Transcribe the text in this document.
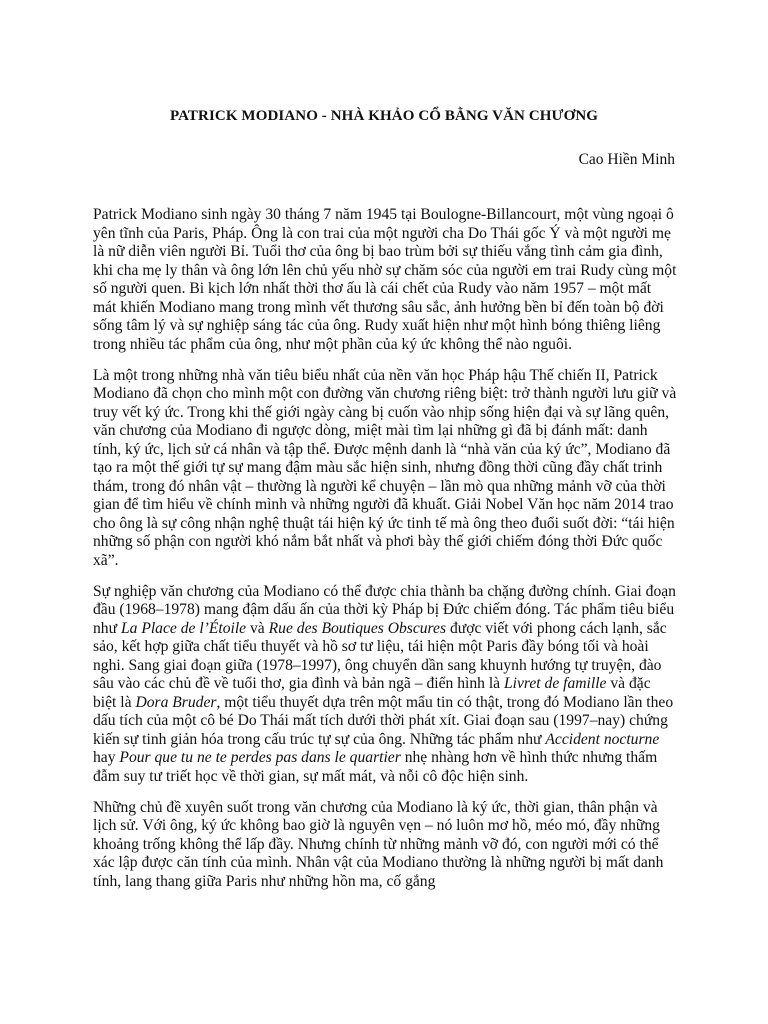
PATRICK MODIANO - NHÀ KHẢO CỔ BẰNG VĂN CHƯƠNG
Cao Hiền Minh

Patrick Modiano sinh ngày 30 tháng 7 năm 1945 tại Boulogne-Billancourt, một vùng ngoại ô yên tĩnh của Paris, Pháp. Ông là con trai của một người cha Do Thái gốc Ý và một người mẹ là nữ diễn viên người Bỉ. Tuổi thơ của ông bị bao trùm bởi sự thiếu vắng tình cảm gia đình, khi cha mẹ ly thân và ông lớn lên chủ yếu nhờ sự chăm sóc của người em trai Rudy cùng một số người quen. Bi kịch lớn nhất thời thơ ấu là cái chết của Rudy vào năm 1957 – một mất mát khiến Modiano mang trong mình vết thương sâu sắc, ảnh hưởng bền bỉ đến toàn bộ đời sống tâm lý và sự nghiệp sáng tác của ông. Rudy xuất hiện như một hình bóng thiêng liêng trong nhiều tác phẩm của ông, như một phần của ký ức không thể nào nguôi.

Là một trong những nhà văn tiêu biểu nhất của nền văn học Pháp hậu Thế chiến II, Patrick Modiano đã chọn cho mình một con đường văn chương riêng biệt: trở thành người lưu giữ và truy vết ký ức. Trong khi thế giới ngày càng bị cuốn vào nhịp sống hiện đại và sự lãng quên, văn chương của Modiano đi ngược dòng, miệt mài tìm lại những gì đã bị đánh mất: danh tính, ký ức, lịch sử cá nhân và tập thể. Được mệnh danh là “nhà văn của ký ức”, Modiano đã tạo ra một thế giới tự sự mang đậm màu sắc hiện sinh, nhưng đồng thời cũng đầy chất trinh thám, trong đó nhân vật – thường là người kể chuyện – lần mò qua những mảnh vỡ của thời gian để tìm hiểu về chính mình và những người đã khuất. Giải Nobel Văn học năm 2014 trao cho ông là sự công nhận nghệ thuật tái hiện ký ức tinh tế mà ông theo đuổi suốt đời: “tái hiện những số phận con người khó nắm bắt nhất và phơi bày thế giới chiếm đóng thời Đức quốc xã”.

Sự nghiệp văn chương của Modiano có thể được chia thành ba chặng đường chính. Giai đoạn đầu (1968–1978) mang đậm dấu ấn của thời kỳ Pháp bị Đức chiếm đóng. Tác phẩm tiêu biểu như La Place de l’Étoile và Rue des Boutiques Obscures được viết với phong cách lạnh, sắc sảo, kết hợp giữa chất tiểu thuyết và hồ sơ tư liệu, tái hiện một Paris đầy bóng tối và hoài nghi. Sang giai đoạn giữa (1978–1997), ông chuyển dần sang khuynh hướng tự truyện, đào sâu vào các chủ đề về tuổi thơ, gia đình và bản ngã – điển hình là Livret de famille và đặc biệt là Dora Bruder, một tiểu thuyết dựa trên một mẩu tin có thật, trong đó Modiano lần theo dấu tích của một cô bé Do Thái mất tích dưới thời phát xít. Giai đoạn sau (1997–nay) chứng kiến sự tinh giản hóa trong cấu trúc tự sự của ông. Những tác phẩm như Accident nocturne hay Pour que tu ne te perdes pas dans le quartier nhẹ nhàng hơn về hình thức nhưng thấm đẫm suy tư triết học về thời gian, sự mất mát, và nỗi cô độc hiện sinh.

Những chủ đề xuyên suốt trong văn chương của Modiano là ký ức, thời gian, thân phận và lịch sử. Với ông, ký ức không bao giờ là nguyên vẹn – nó luôn mơ hồ, méo mó, đầy những khoảng trống không thể lấp đầy. Nhưng chính từ những mảnh vỡ đó, con người mới có thể xác lập được căn tính của mình. Nhân vật của Modiano thường là những người bị mất danh tính, lang thang giữa Paris như những hồn ma, cố gắng
